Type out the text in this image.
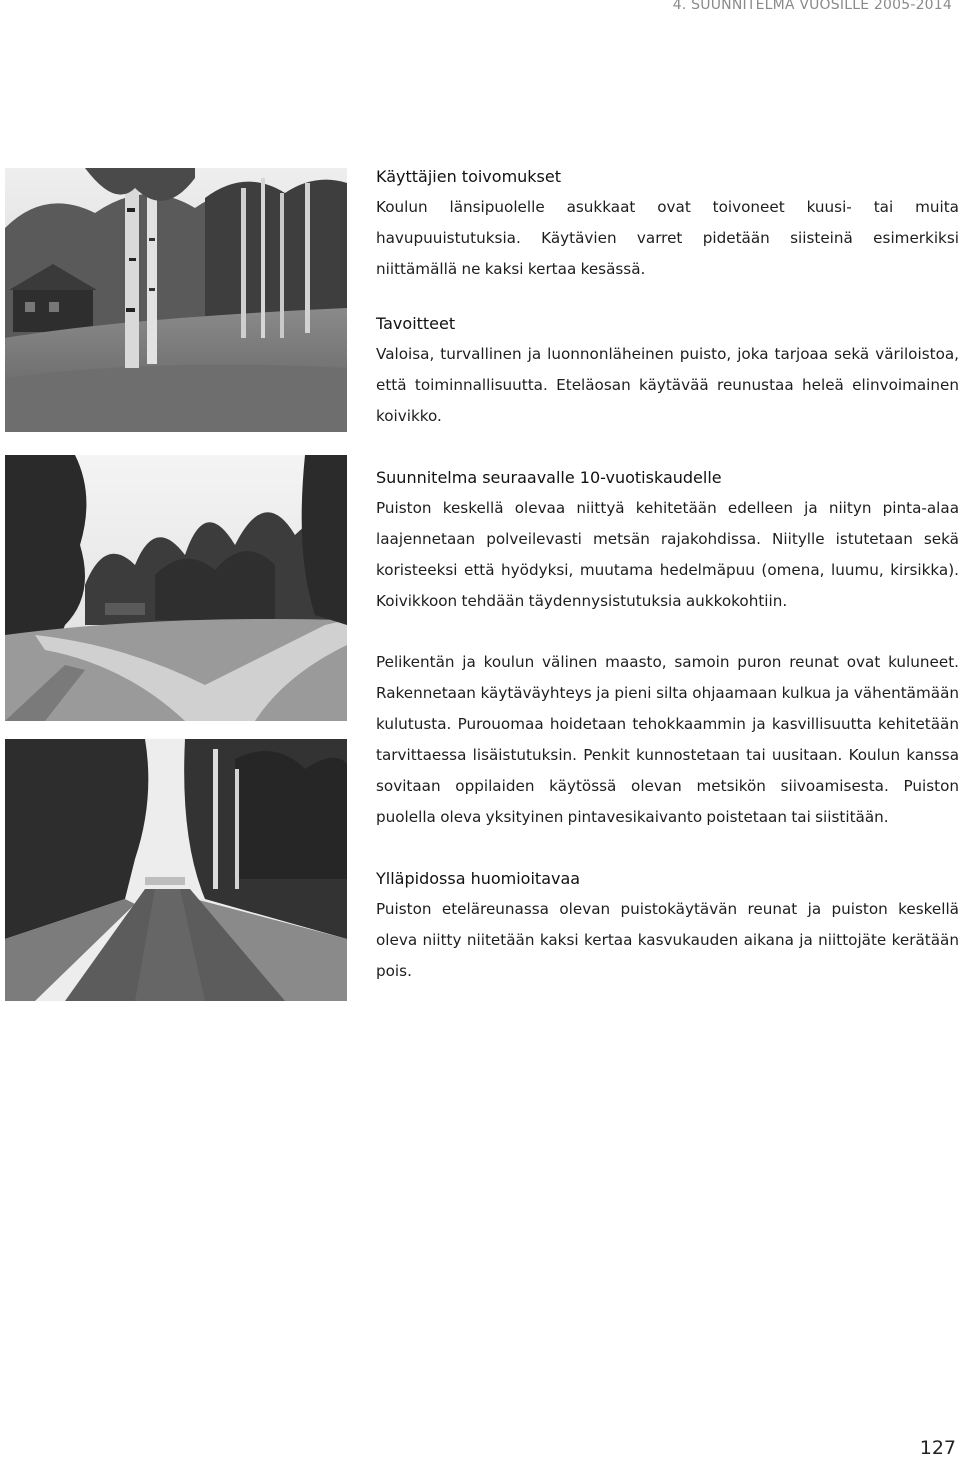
4. SUUNNITELMA VUOSILLE 2005-2014
Käyttäjien toivomukset

Koulun länsipuolelle asukkaat ovat toivoneet kuusi- tai muita havupuuistutuksia. Käytävien varret pidetään siisteinä esimerkiksi niittämällä ne kaksi kertaa kesässä.

Tavoitteet

Valoisa, turvallinen ja luonnonläheinen puisto, joka tarjoaa sekä väriloistoa, että toiminnallisuutta. Eteläosan käytävää reunustaa heleä elinvoimainen koivikko.

Suunnitelma seuraavalle 10-vuotiskaudelle

Puiston keskellä olevaa niittyä kehitetään edelleen ja niityn pinta-alaa laajennetaan polveilevasti metsän rajakohdissa. Niitylle istutetaan sekä koristeeksi että hyödyksi, muutama hedelmäpuu (omena, luumu, kirsikka). Koivikkoon tehdään täydennysistutuksia aukkokohtiin.

Pelikentän ja koulun välinen maasto, samoin puron reunat ovat kuluneet. Rakennetaan käytäväyhteys ja pieni silta ohjaamaan kulkua ja vähentämään kulutusta. Purouomaa hoidetaan tehokkaammin ja kasvillisuutta kehitetään tarvittaessa lisäistutuksin. Penkit kunnostetaan tai uusitaan. Koulun kanssa sovitaan oppilaiden käytössä olevan metsikön siivoamisesta. Puiston puolella oleva yksityinen pintavesikaivanto poistetaan tai siistitään.

Ylläpidossa huomioitavaa

Puiston eteläreunassa olevan puistokäytävän reunat ja puiston keskellä oleva niitty niitetään kaksi kertaa kasvukauden aikana ja niittojäte kerätään pois.

127
